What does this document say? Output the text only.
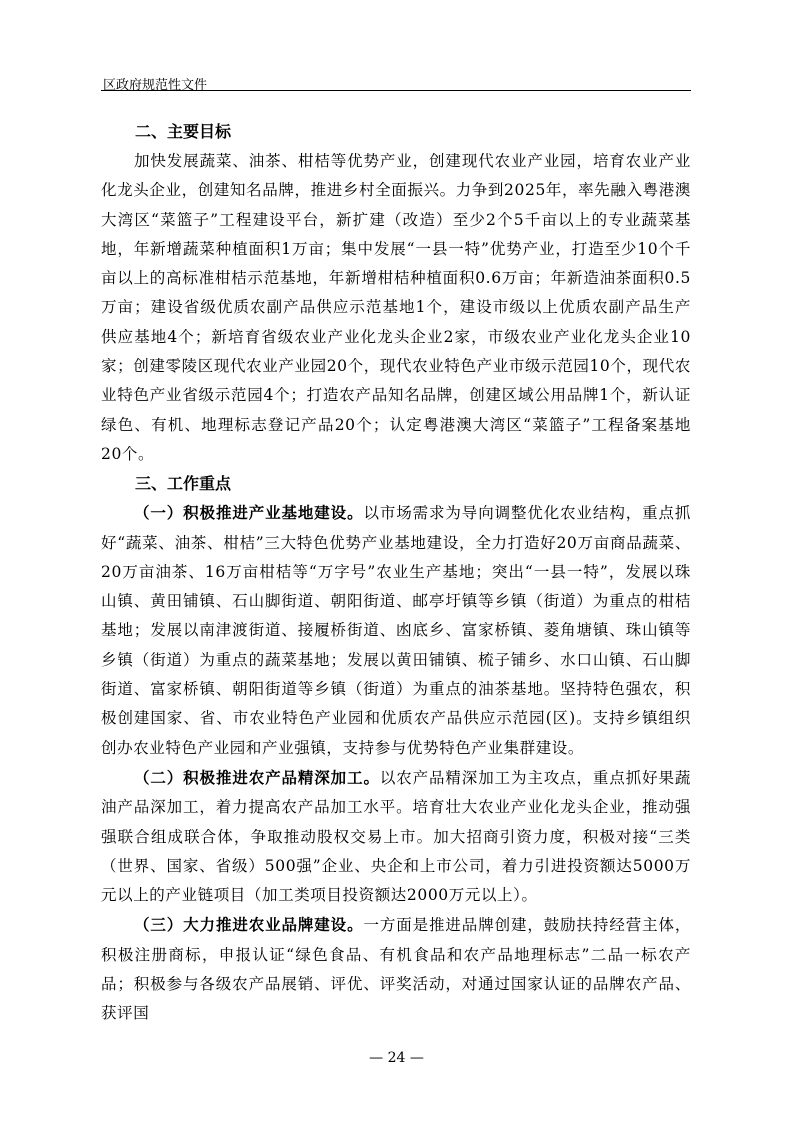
区政府规范性文件
二、主要目标

加快发展蔬菜、油茶、柑桔等优势产业，创建现代农业产业园，培育农业产业化龙头企业，创建知名品牌，推进乡村全面振兴。力争到2025年，率先融入粤港澳大湾区“菜篮子”工程建设平台，新扩建（改造）至少2个5千亩以上的专业蔬菜基地，年新增蔬菜种植面积1万亩；集中发展“一县一特”优势产业，打造至少10个千亩以上的高标准柑桔示范基地，年新增柑桔种植面积0.6万亩；年新造油茶面积0.5万亩；建设省级优质农副产品供应示范基地1个，建设市级以上优质农副产品生产供应基地4个；新培育省级农业产业化龙头企业2家，市级农业产业化龙头企业10家；创建零陵区现代农业产业园20个，现代农业特色产业市级示范园10个，现代农业特色产业省级示范园4个；打造农产品知名品牌，创建区域公用品牌1个，新认证绿色、有机、地理标志登记产品20个；认定粤港澳大湾区“菜篮子”工程备案基地20个。

三、工作重点

（一）积极推进产业基地建设。以市场需求为导向调整优化农业结构，重点抓好“蔬菜、油茶、柑桔”三大特色优势产业基地建设，全力打造好20万亩商品蔬菜、20万亩油茶、16万亩柑桔等“万字号”农业生产基地；突出“一县一特”，发展以珠山镇、黄田铺镇、石山脚街道、朝阳街道、邮亭圩镇等乡镇（街道）为重点的柑桔基地；发展以南津渡街道、接履桥街道、凼底乡、富家桥镇、菱角塘镇、珠山镇等乡镇（街道）为重点的蔬菜基地；发展以黄田铺镇、梳子铺乡、水口山镇、石山脚街道、富家桥镇、朝阳街道等乡镇（街道）为重点的油茶基地。坚持特色强农，积极创建国家、省、市农业特色产业园和优质农产品供应示范园(区)。支持乡镇组织创办农业特色产业园和产业强镇，支持参与优势特色产业集群建设。

（二）积极推进农产品精深加工。以农产品精深加工为主攻点，重点抓好果蔬油产品深加工，着力提高农产品加工水平。培育壮大农业产业化龙头企业，推动强强联合组成联合体，争取推动股权交易上市。加大招商引资力度，积极对接“三类（世界、国家、省级）500强”企业、央企和上市公司，着力引进投资额达5000万元以上的产业链项目（加工类项目投资额达2000万元以上）。

（三）大力推进农业品牌建设。一方面是推进品牌创建，鼓励扶持经营主体，积极注册商标，申报认证“绿色食品、有机食品和农产品地理标志”二品一标农产品；积极参与各级农产品展销、评优、评奖活动，对通过国家认证的品牌农产品、获评国

— 24 —
